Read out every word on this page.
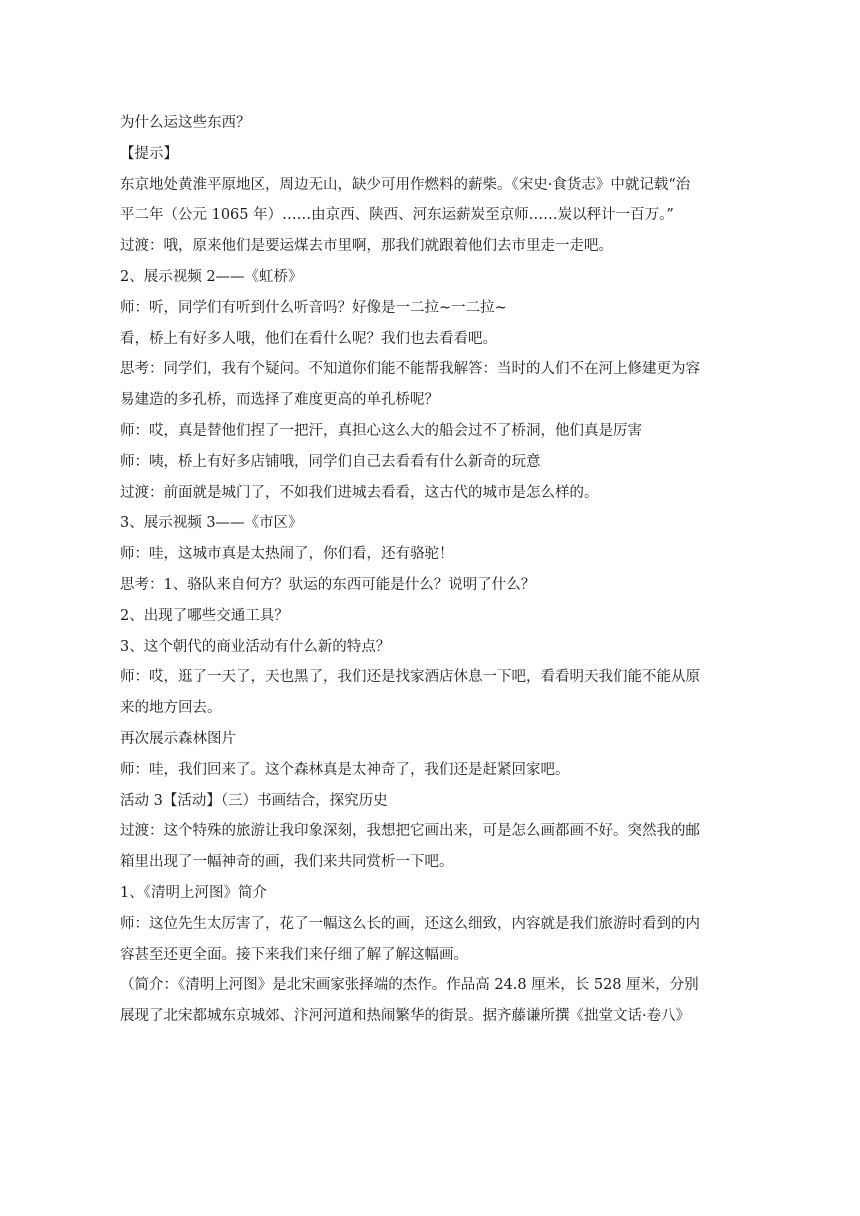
为什么运这些东西？

【提示】

东京地处黄淮平原地区，周边无山，缺少可用作燃料的薪柴。《宋史·食货志》中就记载“治

平二年（公元 1065 年）……由京西、陕西、河东运薪炭至京师……炭以秤计一百万。”

过渡：哦，原来他们是要运煤去市里啊，那我们就跟着他们去市里走一走吧。

2、展示视频 2——《虹桥》

师：听，同学们有听到什么听音吗？好像是一二拉~一二拉~

看，桥上有好多人哦，他们在看什么呢？我们也去看看吧。

思考：同学们，我有个疑问。不知道你们能不能帮我解答：当时的人们不在河上修建更为容

易建造的多孔桥，而选择了难度更高的单孔桥呢？

师：哎，真是替他们捏了一把汗，真担心这么大的船会过不了桥洞，他们真是厉害

师：咦，桥上有好多店铺哦，同学们自己去看看有什么新奇的玩意

过渡：前面就是城门了，不如我们进城去看看，这古代的城市是怎么样的。

3、展示视频 3——《市区》

师：哇，这城市真是太热闹了，你们看，还有骆驼！

思考：1、骆队来自何方？驮运的东西可能是什么？说明了什么？

2、出现了哪些交通工具？

3、这个朝代的商业活动有什么新的特点？

师：哎，逛了一天了，天也黑了，我们还是找家酒店休息一下吧，看看明天我们能不能从原

来的地方回去。

再次展示森林图片

师：哇，我们回来了。这个森林真是太神奇了，我们还是赶紧回家吧。

活动 3【活动】（三）书画结合，探究历史

过渡：这个特殊的旅游让我印象深刻，我想把它画出来，可是怎么画都画不好。突然我的邮

箱里出现了一幅神奇的画，我们来共同赏析一下吧。

1、《清明上河图》简介

师：这位先生太厉害了，花了一幅这么长的画，还这么细致，内容就是我们旅游时看到的内

容甚至还更全面。接下来我们来仔细了解了解这幅画。

（简介：《清明上河图》是北宋画家张择端的杰作。作品高 24.8 厘米，长 528 厘米，分别

展现了北宋都城东京城郊、汴河河道和热闹繁华的街景。据齐藤谦所撰《拙堂文话·卷八》
